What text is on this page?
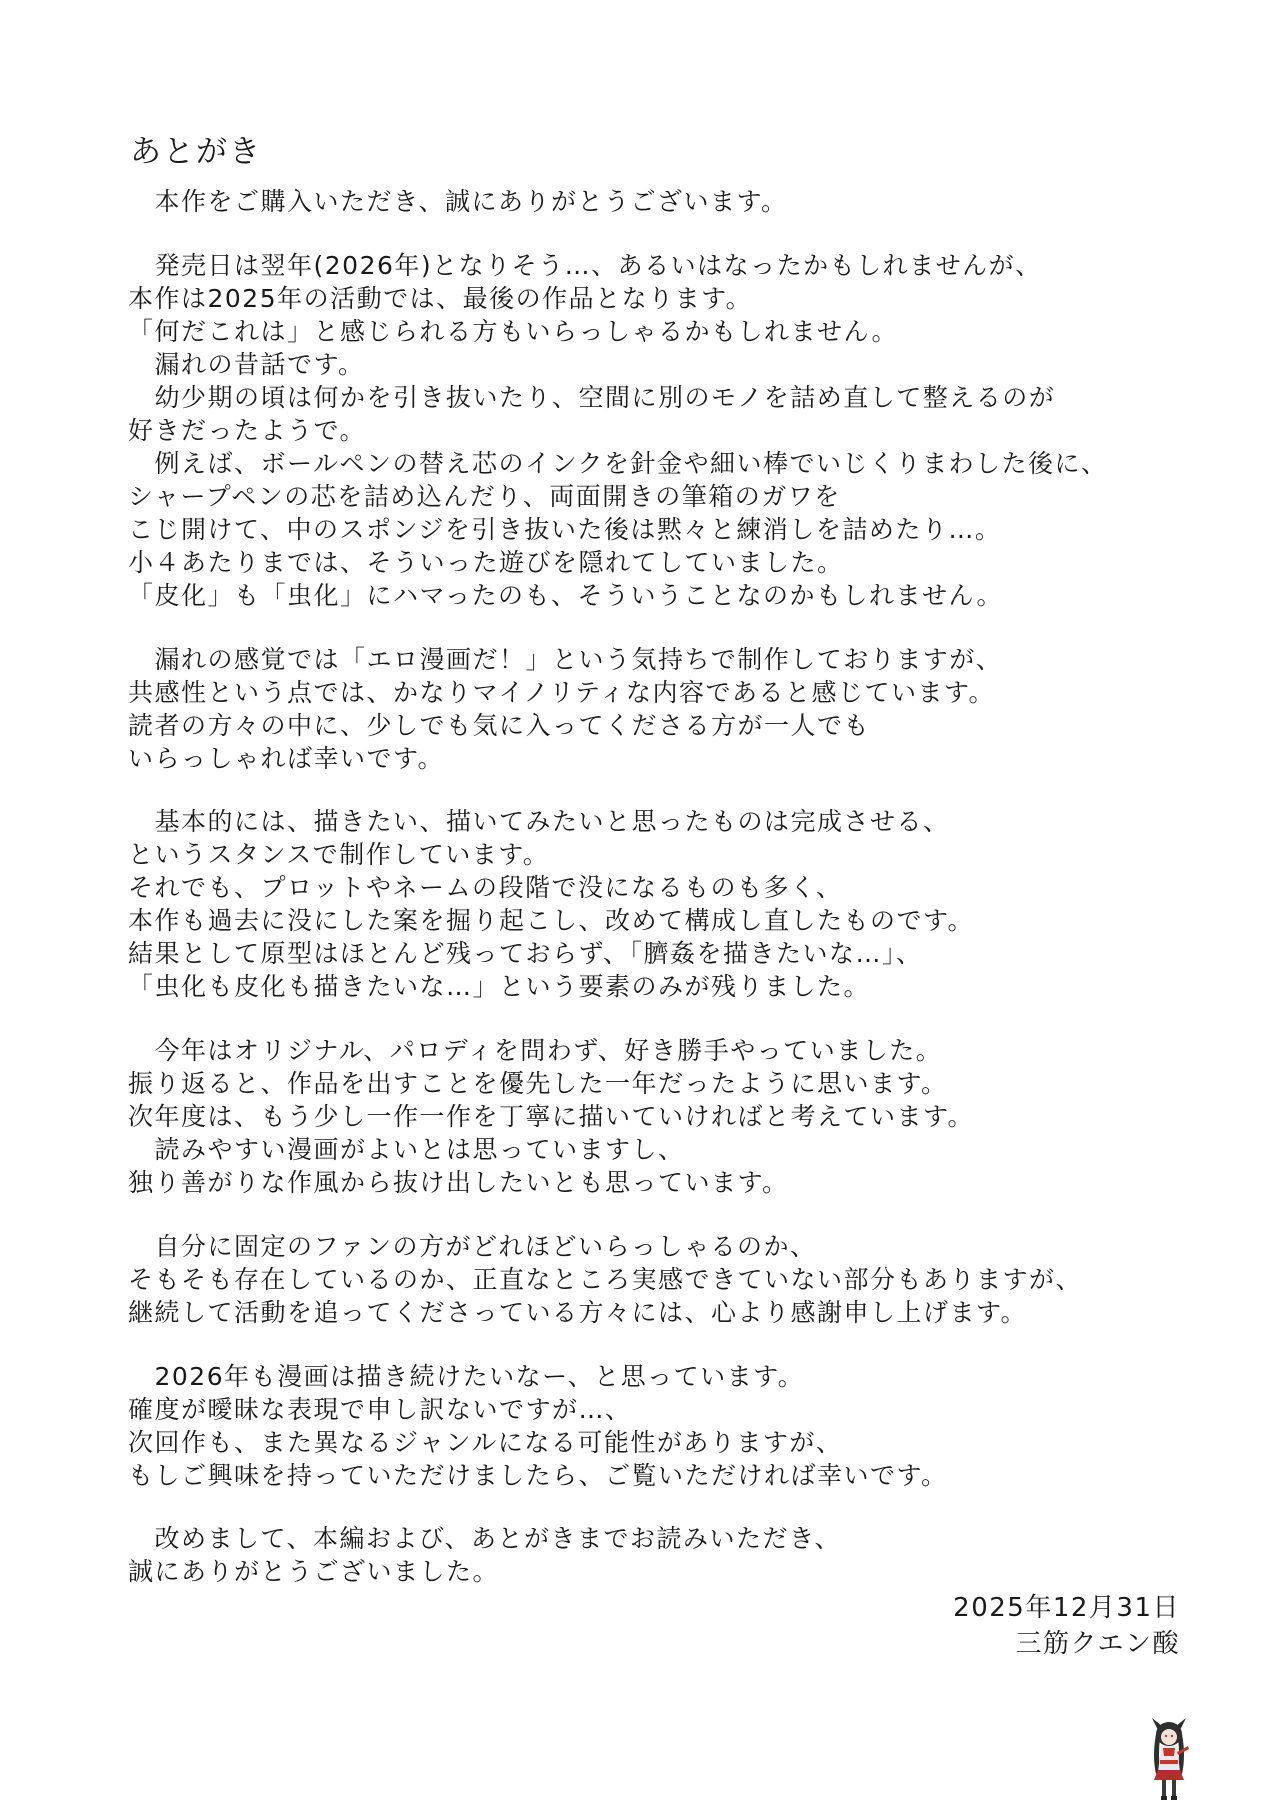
あとがき
　本作をご購入いただき、誠にありがとうございます。
　発売日は翌年(2026年)となりそう…、あるいはなったかもしれませんが、
本作は2025年の活動では、最後の作品となります。
「何だこれは」と感じられる方もいらっしゃるかもしれません。
　漏れの昔話です。
　幼少期の頃は何かを引き抜いたり、空間に別のモノを詰め直して整えるのが
好きだったようで。
　例えば、ボールペンの替え芯のインクを針金や細い棒でいじくりまわした後に、
シャープペンの芯を詰め込んだり、両面開きの筆箱のガワを
こじ開けて、中のスポンジを引き抜いた後は黙々と練消しを詰めたり…。
小４あたりまでは、そういった遊びを隠れてしていました。
「皮化」も「虫化」にハマったのも、そういうことなのかもしれません。
　漏れの感覚では「エロ漫画だ！」という気持ちで制作しておりますが、
共感性という点では、かなりマイノリティな内容であると感じています。
読者の方々の中に、少しでも気に入ってくださる方が一人でも
いらっしゃれば幸いです。
　基本的には、描きたい、描いてみたいと思ったものは完成させる、
というスタンスで制作しています。
それでも、プロットやネームの段階で没になるものも多く、
本作も過去に没にした案を掘り起こし、改めて構成し直したものです。
結果として原型はほとんど残っておらず、「臍姦を描きたいな…」、
「虫化も皮化も描きたいな…」という要素のみが残りました。
　今年はオリジナル、パロディを問わず、好き勝手やっていました。
振り返ると、作品を出すことを優先した一年だったように思います。
次年度は、もう少し一作一作を丁寧に描いていければと考えています。
　読みやすい漫画がよいとは思っていますし、
独り善がりな作風から抜け出したいとも思っています。
　自分に固定のファンの方がどれほどいらっしゃるのか、
そもそも存在しているのか、正直なところ実感できていない部分もありますが、
継続して活動を追ってくださっている方々には、心より感謝申し上げます。
　2026年も漫画は描き続けたいなー、と思っています。
確度が曖昧な表現で申し訳ないですが…、
次回作も、また異なるジャンルになる可能性がありますが、
もしご興味を持っていただけましたら、ご覧いただければ幸いです。
　改めまして、本編および、あとがきまでお読みいただき、
誠にありがとうございました。
2025年12月31日
三筋クエン酸
